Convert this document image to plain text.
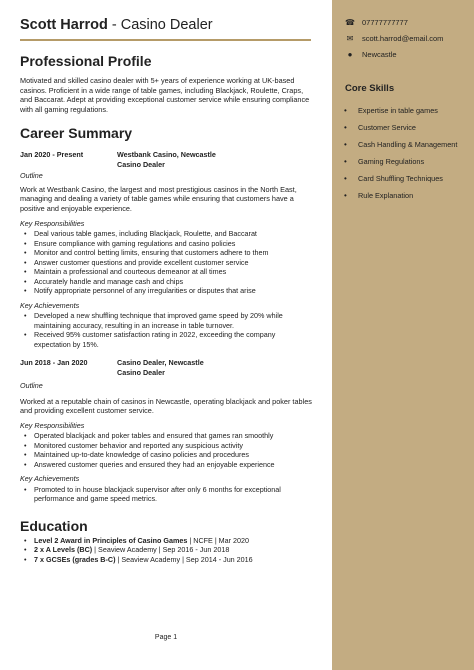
Scott Harrod - Casino Dealer
Professional Profile

Motivated and skilled casino dealer with 5+ years of experience working at UK-based casinos. Proficient in a wide range of table games, including Blackjack, Roulette, Craps, and Baccarat. Adept at providing exceptional customer service while ensuring compliance with all gaming regulations.

Career Summary
Jan 2020 - Present	Westbank Casino, Newcastle
Casino Dealer
Outline

Work at Westbank Casino, the largest and most prestigious casinos in the North East, managing and dealing a variety of table games while ensuring that customers have a positive and enjoyable experience.

Key Responsibilities
• Deal various table games, including Blackjack, Roulette, and Baccarat
• Ensure compliance with gaming regulations and casino policies
• Monitor and control betting limits, ensuring that customers adhere to them
• Answer customer questions and provide excellent customer service
• Maintain a professional and courteous demeanor at all times
• Accurately handle and manage cash and chips
• Notify appropriate personnel of any irregularities or disputes that arise
Key Achievements
• Developed a new shuffling technique that improved game speed by 20% while maintaining accuracy, resulting in an increase in table turnover.
• Received 95% customer satisfaction rating in 2022, exceeding the company expectation by 15%.
Jun 2018 - Jan 2020	Casino Dealer, Newcastle
Casino Dealer
Outline

Worked at a reputable chain of casinos in Newcastle, operating blackjack and poker tables and providing excellent customer service.

Key Responsibilities
• Operated blackjack and poker tables and ensured that games ran smoothly
• Monitored customer behavior and reported any suspicious activity
• Maintained up-to-date knowledge of casino policies and procedures
• Answered customer queries and ensured they had an enjoyable experience
Key Achievements
• Promoted to in house blackjack supervisor after only 6 months for exceptional performance and game speed metrics.
Education
• Level 2 Award in Principles of Casino Games | NCFE | Mar 2020
• 2 x A Levels (BC) | Seaview Academy | Sep 2016 - Jun 2018
• 7 x GCSEs (grades B-C) | Seaview Academy | Sep 2014 - Jun 2016
Page 1
☎ 07777777777
✉	scott.harrod@email.com
●	Newcastle
Core Skills
•	Expertise in table games
•	Customer Service
•	Cash Handling & Management
•	Gaming Regulations
•	Card Shuffling Techniques
•	Rule Explanation
